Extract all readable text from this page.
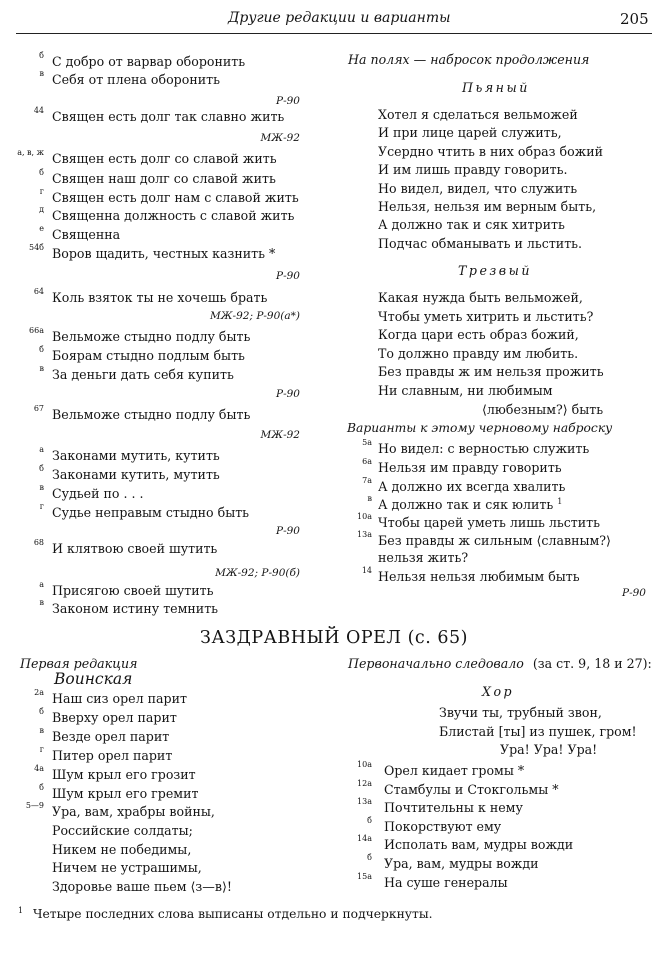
Другие редакции и варианты	205
б С добро от варвар оборонить
в Себя от плена оборонить
Р-90
44 Священ есть долг так славно жить
МЖ-92
а, в, ж Священ есть долг со славой жить
б Священ наш долг со славой жить
г Священ есть долг нам с славой жить
д Священна должность с славой жить
е Священна
54б Воров щадить, честных казнить *
Р-90
64 Коль взяток ты не хочешь брать
МЖ-92; Р-90(а*)
66а Вельможе стыдно подлу быть
б Боярам стыдно подлым быть
в За деньги дать себя купить
Р-90
67 Вельможе стыдно подлу быть
МЖ-92
а Законами мутить, кутить
б Законами кутить, мутить
в Судьей по . . .
г Судье неправым стыдно быть
Р-90
68 И клятвою своей шутить
МЖ-92; Р-90(б)
а Присягою своей шутить
в Законом истину темнить
На полях — набросок продолжения
Пьяный
Хотел я сделаться вельможей
И при лице царей служить,
Усердно чтить в них образ божий
И им лишь правду говорить.
Но видел, видел, что служить
Нельзя, нельзя им верным быть,
А должно так и сяк хитрить
Подчас обманывать и льстить.
Трезвый
Какая нужда быть вельможей,
Чтобы уметь хитрить и льстить?
Когда цари есть образ божий,
То должно правду им любить.
Без правды ж им нельзя прожить
Ни славным, ни любимым
⟨любезным?⟩ быть
Варианты к этому черновому наброску
5а Но видел: с верностью служить
6а Нельзя им правду говорить
7а А должно их всегда хвалить
в А должно так и сяк юлить $^1$
10а Чтобы царей уметь лишь льстить
13а Без правды ж сильным ⟨славным?⟩
нельзя жить?
14 Нельзя нельзя любимым быть
Р-90
ЗАЗДРАВНЫЙ ОРЕЛ (с. 65)
Первая редакция
Воинская
2а Наш сиз орел парит
б Вверху орел парит
в Везде орел парит
г Питер орел парит
4а Шум крыл его грозит
б Шум крыл его гремит
5—9 Ура, вам, храбры войны,
Российские солдаты;
Никем не победимы,
Ничем не устрашимы,
Здоровье ваше пьем ⟨з—в⟩!
Первоначально следовало (за ст. 9, 18 и 27):
Хор
Звучи ты, трубный звон,
Блистай [ты] из пушек, гром!
Ура! Ура! Ура!
10а Орел кидает громы *
12а Стамбулы и Стокгольмы *
13а Почтительны к нему
б Покорствуют ему
14а Исполать вам, мудры вожди
б Ура, вам, мудры вожди
15а На суше генералы
$^1$ Четыре последних слова выписаны отдельно и подчеркнуты.
